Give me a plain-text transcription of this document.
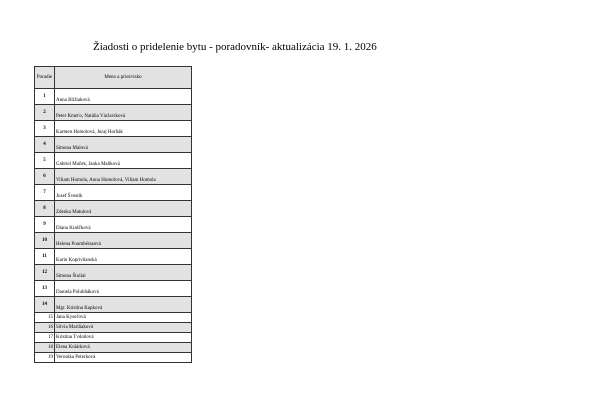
Žiadosti o pridelenie bytu - poradovník- aktualizácia 19. 1. 2026
Poradie	Meno a priezvisko
1	Anna Bližiaková
2	Peter Kmeťo, Natália Václavíková
3	Karmen Homolová, Juraj Horňák
4	Simona Malová
5	Gabriel Maček, Janka Maňková
6	Viliam Homola, Anna Homolová, Viliam Homola
7	Jozef Švestík
8	Zdenka Matulová
9	Diana Kraščková
10	Helena Poumbérsaová
11	Karin Koprivňanská
12	Simona Štuliai
13	Daniela Polubňáková
14	Mgr. Kristína Kapková
15	Jana Kyseľová
16	Silvia Mariňaková
17	Kristína Tvdoňová
18	Elena Kolárková
19	Veronika Peterková
